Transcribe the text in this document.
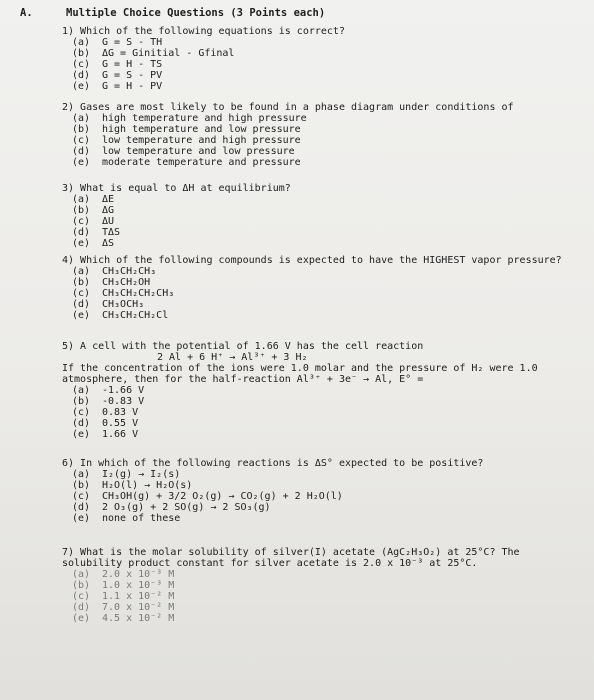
A.	Multiple Choice Questions (3 Points each)
1) Which of the following equations is correct?
(a) G = S - TH
(b) ΔG = Ginitial - Gfinal
(c) G = H - TS
(d) G = S - PV
(e) G = H - PV
2) Gases are most likely to be found in a phase diagram under conditions of
(a) high temperature and high pressure
(b) high temperature and low pressure
(c) low temperature and high pressure
(d) low temperature and low pressure
(e) moderate temperature and pressure
3) What is equal to ΔH at equilibrium?
(a) ΔE
(b) ΔG
(c) ΔU
(d) TΔS
(e) ΔS
4) Which of the following compounds is expected to have the HIGHEST vapor pressure?
(a) CH₃CH₂CH₃
(b) CH₃CH₂OH
(c) CH₃CH₂CH₂CH₃
(d) CH₃OCH₃
(e) CH₃CH₂CH₂Cl
5) A cell with the potential of 1.66 V has the cell reaction
2 Al + 6 H⁺ → Al³⁺ + 3 H₂
If the concentration of the ions were 1.0 molar and the pressure of H₂ were 1.0
atmosphere, then for the half-reaction Al³⁺ + 3e⁻ → Al, E° =
(a) -1.66 V
(b) -0.83 V
(c) 0.83 V
(d) 0.55 V
(e) 1.66 V
6) In which of the following reactions is ΔS° expected to be positive?
(a) I₂(g) → I₂(s)
(b) H₂O(l) → H₂O(s)
(c) CH₃OH(g) + 3/2 O₂(g) → CO₂(g) + 2 H₂O(l)
(d) 2 O₃(g) + 2 SO(g) → 2 SO₃(g)
(e) none of these
7) What is the molar solubility of silver(I) acetate (AgC₂H₃O₂) at 25°C? The
solubility product constant for silver acetate is 2.0 x 10⁻³ at 25°C.
(a) 2.0 x 10⁻³ M
(b) 1.0 x 10⁻³ M
(c) 1.1 x 10⁻² M
(d) 7.0 x 10⁻² M
(e) 4.5 x 10⁻² M
